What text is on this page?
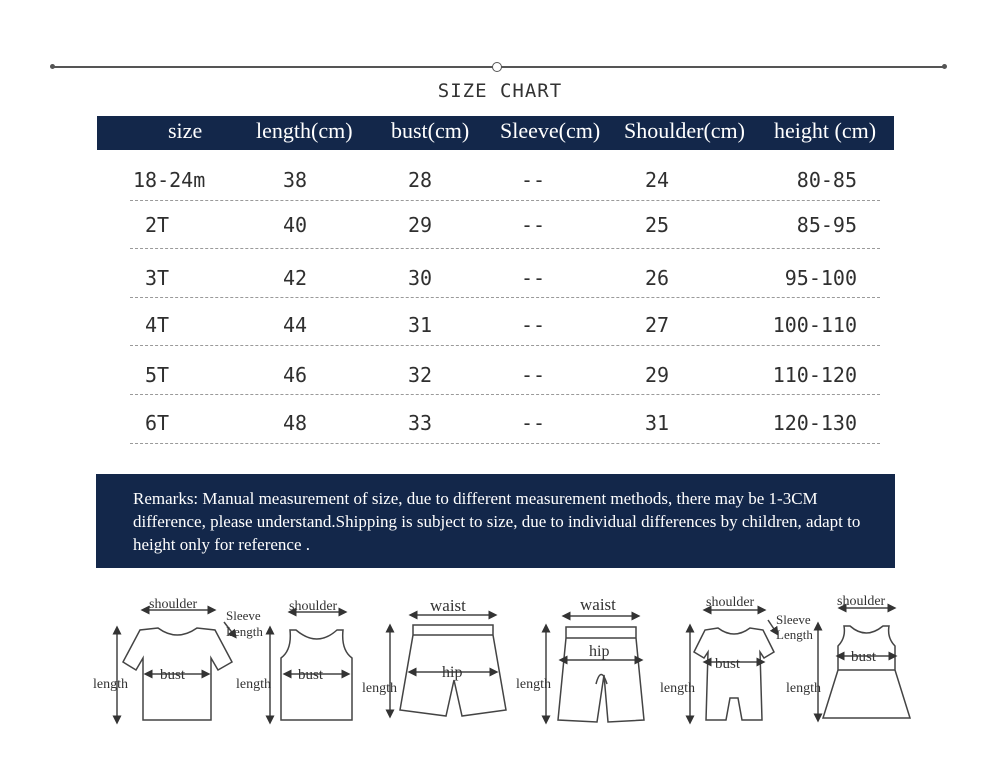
SIZE CHART
size length(cm) bust(cm) Sleeve(cm) Shoulder(cm) height (cm)
18-24m	38	28	--	24	80-85
2T	40	29	--	25	85-95
3T	42	30	--	26	95-100
4T	44	31	--	27	100-110
5T	46	32	--	29	110-120
6T	48	33	--	31	120-130
Remarks: Manual measurement of size, due to different measurement methods, there may be 1-3CM difference, please understand.Shipping is subject to size, due to individual differences by children, adapt to height only for reference .
shoulder
Sleeve
Length
bust
length
shoulder
bust
length
waist
hip
length
waist
hip
length
shoulder
Sleeve
Length
bust
length
shoulder
bust
length
